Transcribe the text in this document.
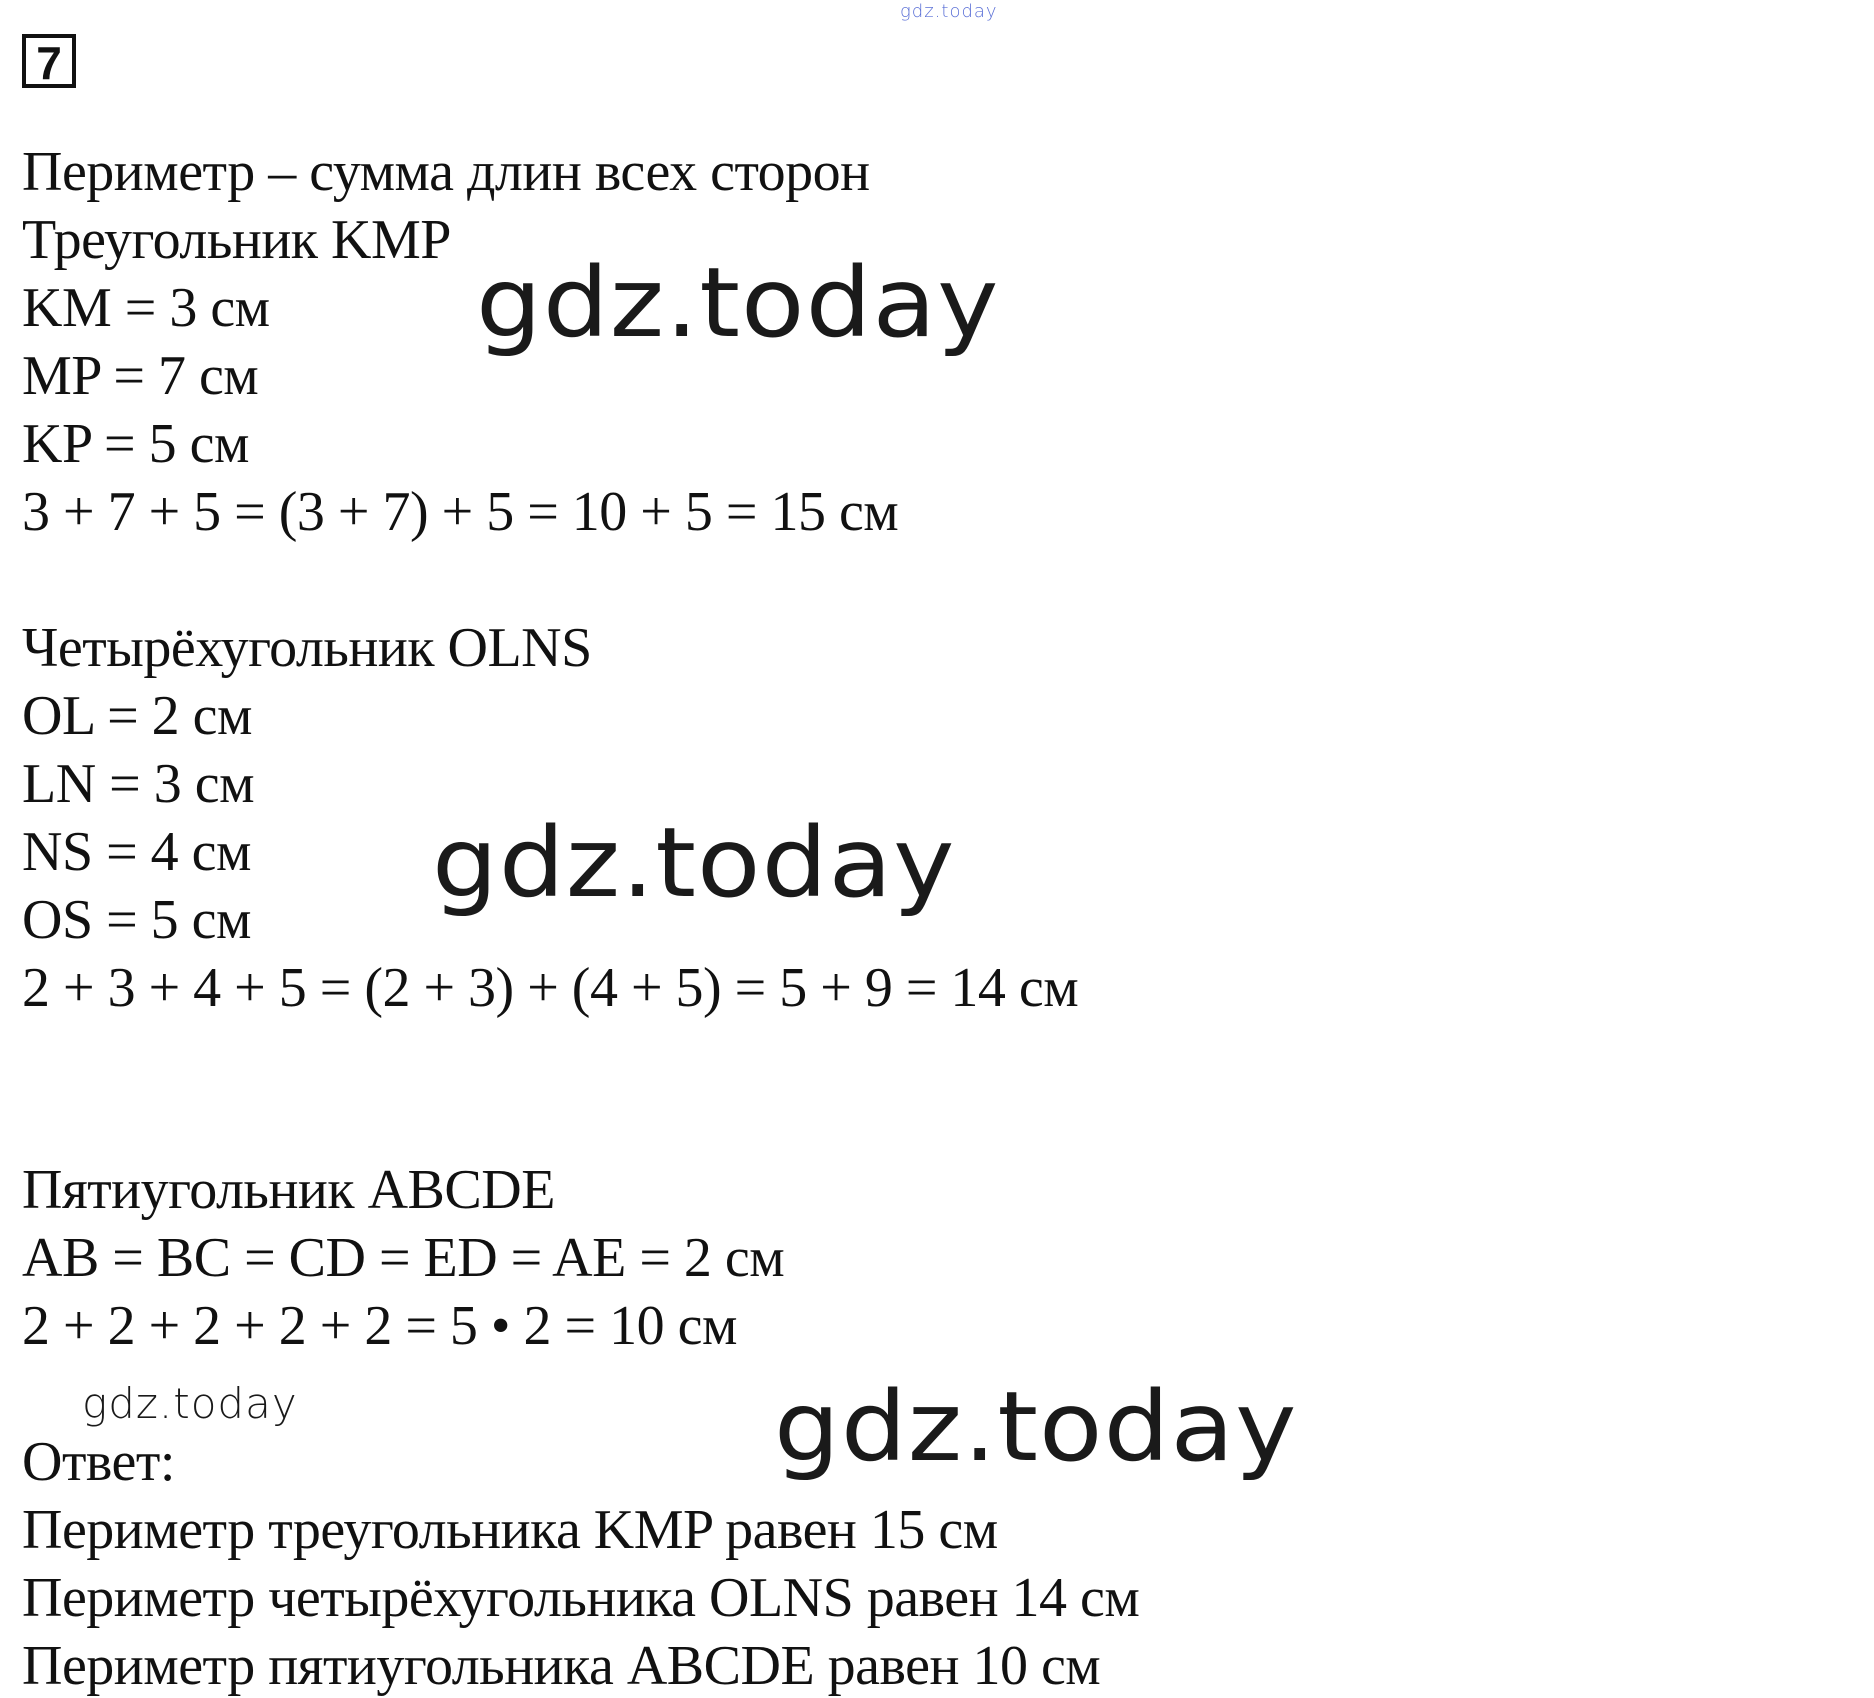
gdz.today
7
Периметр – сумма длин всех сторон
Треугольник KMP
KM = 3 см
MP = 7 см
KP = 5 см
3 + 7 + 5 = (3 + 7) + 5 = 10 + 5 = 15 см
gdz.today
Четырёхугольник OLNS
OL = 2 см
LN = 3 см
NS = 4 см
OS = 5 см
2 + 3 + 4 + 5 = (2 + 3) + (4 + 5) = 5 + 9 = 14 см
gdz.today
Пятиугольник ABCDE
AB = BC = CD = ED = AE = 2 см
2 + 2 + 2 + 2 + 2 = 5 • 2 = 10 см
gdz.today	gdz.today
Ответ:
Периметр треугольника KMP равен 15 см
Периметр четырёхугольника OLNS равен 14 см
Периметр пятиугольника ABCDE равен 10 см
